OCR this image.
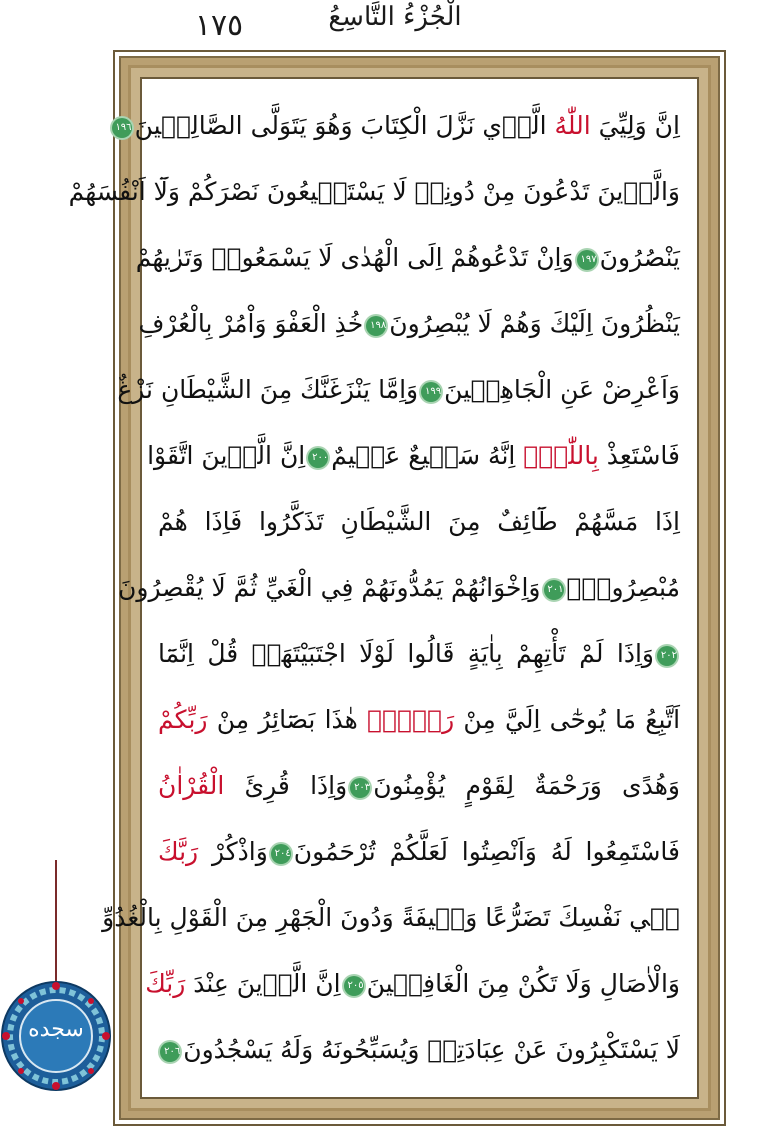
١٧٥	الْجُزْءُ التَّاسِعُ
اِنَّ وَلِيِّيَ اللّٰهُ الَّذ۪ي نَزَّلَ الْكِتَابَ وَهُوَ يَتَوَلَّى الصَّالِح۪ينَ١٩٦
وَالَّذ۪ينَ تَدْعُونَ مِنْ دُونِه۪ لَا يَسْتَط۪يعُونَ نَصْرَكُمْ وَلَٓا اَنْفُسَهُمْ
يَنْصُرُونَ١٩٧وَاِنْ تَدْعُوهُمْ اِلَى الْهُدٰى لَا يَسْمَعُواۜ وَتَرٰيهُمْ
يَنْظُرُونَ اِلَيْكَ وَهُمْ لَا يُبْصِرُونَ١٩٨خُذِ الْعَفْوَ وَاْمُرْ بِالْعُرْفِ
وَاَعْرِضْ عَنِ الْجَاهِل۪ينَ١٩٩وَاِمَّا يَنْزَغَنَّكَ مِنَ الشَّيْطَانِ نَزْغٌ
فَاسْتَعِذْ بِاللّٰهِۜ اِنَّهُ سَم۪يعٌ عَل۪يمٌ٢٠٠اِنَّ الَّذ۪ينَ اتَّقَوْا
اِذَا مَسَّهُمْ طَٓائِفٌ مِنَ الشَّيْطَانِ تَذَكَّرُوا فَاِذَا هُمْ
مُبْصِرُونَۚ٢٠١وَاِخْوَانُهُمْ يَمُدُّونَهُمْ فِي الْغَيِّ ثُمَّ لَا يُقْصِرُونَ
٢٠٢وَاِذَا لَمْ تَأْتِهِمْ بِاٰيَةٍ قَالُوا لَوْلَا اجْتَبَيْتَهَاۜ قُلْ اِنَّمَٓا
اَتَّبِعُ مَا يُوحٰٓى اِلَيَّ مِنْ رَبّ۪يۚ هٰذَا بَصَٓائِرُ مِنْ رَبِّكُمْ
وَهُدًى وَرَحْمَةٌ لِقَوْمٍ يُؤْمِنُونَ٢٠٣وَاِذَا قُرِئَ الْقُرْاٰنُ
فَاسْتَمِعُوا لَهُ وَاَنْصِتُوا لَعَلَّكُمْ تُرْحَمُونَ٢٠٤وَاذْكُرْ رَبَّكَ
ف۪ي نَفْسِكَ تَضَرُّعًا وَخ۪يفَةً وَدُونَ الْجَهْرِ مِنَ الْقَوْلِ بِالْغُدُوِّ
وَالْاٰصَالِ وَلَا تَكُنْ مِنَ الْغَافِل۪ينَ٢٠٥اِنَّ الَّذ۪ينَ عِنْدَ رَبِّكَ
لَا يَسْتَكْبِرُونَ عَنْ عِبَادَتِه۪ وَيُسَبِّحُونَهُ وَلَهُ يَسْجُدُونَ٢٠٦
سجده
